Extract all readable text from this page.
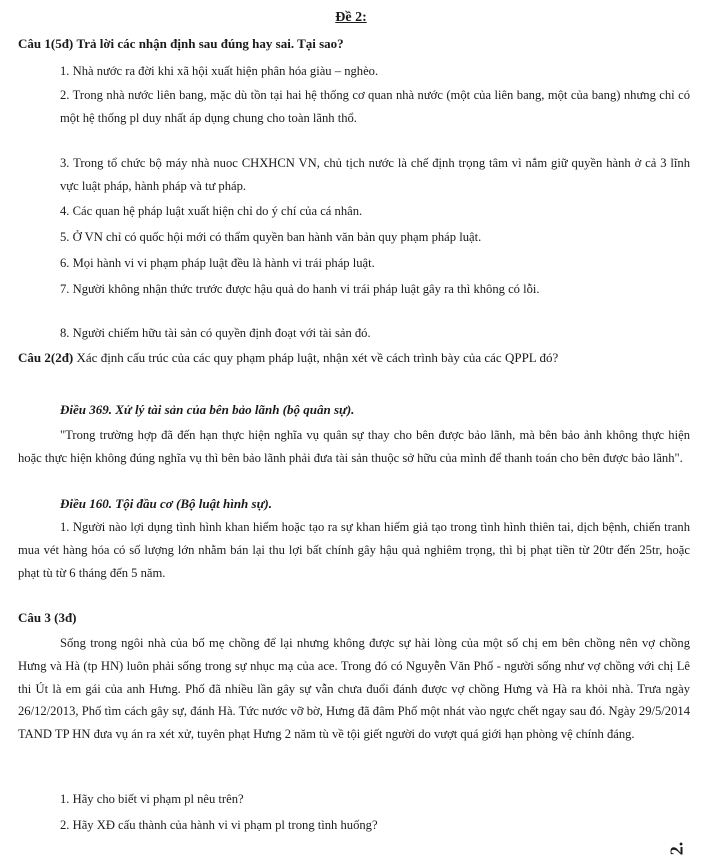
Đề 2:
Câu 1(5đ) Trả lời các nhận định sau đúng hay sai. Tại sao?
1. Nhà nước ra đời khi xã hội xuất hiện phân hóa giàu – nghèo.
2. Trong nhà nước liên bang, mặc dù tồn tại hai hệ thống cơ quan nhà nước (một của liên bang, một của bang) nhưng chỉ có một hệ thống pl duy nhất áp dụng chung cho toàn lãnh thổ.
3. Trong tổ chức bộ máy nhà nuoc CHXHCN VN, chủ tịch nước là chế định trọng tâm vì nắm giữ quyền hành ở cả 3 lĩnh vực luật pháp, hành pháp và tư pháp.
4. Các quan hệ pháp luật xuất hiện chỉ do ý chí của cá nhân.
5. Ở VN chỉ có quốc hội mới có thẩm quyền ban hành văn bản quy phạm pháp luật.
6. Mọi hành vi vi phạm pháp luật đều là hành vi trái pháp luật.
7. Người không nhận thức trước được hậu quả do hanh vi trái pháp luật gây ra thì không có lỗi.
8. Người chiếm hữu tài sản có quyền định đoạt với tài sản đó.
Câu 2(2đ) Xác định cấu trúc của các quy phạm pháp luật, nhận xét về cách trình bày của các QPPL đó?
Điều 369. Xử lý tài sản của bên bảo lãnh (bộ quân sự).
"Trong trường hợp đã đến hạn thực hiện nghĩa vụ quân sự thay cho bên được bảo lãnh, mà bên bảo ảnh không thực hiện hoặc thực hiện không đúng nghĩa vụ thì bên bảo lãnh phải đưa tài sản thuộc sở hữu của mình để thanh toán cho bên được bảo lãnh".
Điều 160. Tội đầu cơ (Bộ luật hình sự).
1. Người nào lợi dụng tình hình khan hiếm hoặc tạo ra sự khan hiếm giả tạo trong tình hình thiên tai, dịch bệnh, chiến tranh mua vét hàng hóa có số lượng lớn nhằm bán lại thu lợi bất chính gây hậu quả nghiêm trọng, thì bị phạt tiền từ 20tr đến 25tr, hoặc phạt tù từ 6 tháng đến 5 năm.
Câu 3 (3đ)
Sống trong ngôi nhà của bố mẹ chồng để lại nhưng không được sự hài lòng của một số chị em bên chồng nên vợ chồng Hưng và Hà (tp HN) luôn phải sống trong sự nhục mạ của ace. Trong đó có Nguyễn Văn Phố - người sống như vợ chồng với chị Lê thi Út là em gái của anh Hưng. Phố đã nhiều lần gây sự vẫn chưa đuổi đánh được vợ chồng Hưng và Hà ra khỏi nhà. Trưa ngày 26/12/2013, Phố tìm cách gây sự, đánh Hà. Tức nước vỡ bờ, Hưng đã đâm Phố một nhát vào ngực chết ngay sau đó. Ngày 29/5/2014 TAND TP HN đưa vụ án ra xét xử, tuyên phạt Hưng 2 năm tù về tội giết người do vượt quá giới hạn phòng vệ chính đáng.
1. Hãy cho biết vi phạm pl nêu trên?
2. Hãy XĐ cấu thành của hành vi vi phạm pl trong tình huống?
2.
